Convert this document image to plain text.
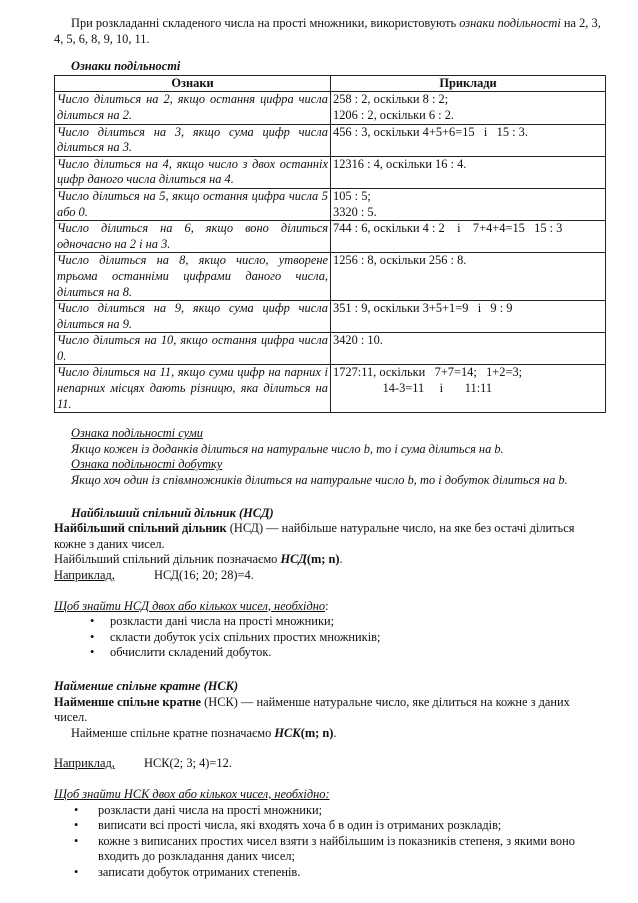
При розкладанні складеного числа на прості множники, використовують ознаки подільності на 2, 3, 4, 5, 6, 8, 9, 10, 11.

Ознаки подільності

Ознаки	Приклади
Число ділиться на 2, якщо остання цифра числа ділиться на 2.	258 : 2, оскільки 8 : 2;
1206 : 2, оскільки 6 : 2.
Число ділиться на 3, якщо сума цифр числа ділиться на 3.	456 : 3, оскільки 4+5+6=15   і   15 : 3.
Число ділиться на 4, якщо число з двох останніх цифр даного числа ділиться на 4.	12316 : 4, оскільки 16 : 4.
Число ділиться на 5, якщо остання цифра числа 5 або 0.	105 : 5;
3320 : 5.
Число ділиться на 6, якщо воно ділиться одночасно на 2 і на 3.	744 : 6, оскільки 4 : 2    і    7+4+4=15   15 : 3
Число ділиться на 8, якщо число, утворене трьома останніми цифрами даного числа, ділиться на 8.	1256 : 8, оскільки 256 : 8.
Число ділиться на 9, якщо сума цифр числа ділиться на 9.	351 : 9, оскільки 3+5+1=9   і   9 : 9
Число ділиться на 10, якщо остання цифра числа 0.	3420 : 10.
Число ділиться на 11, якщо суми цифр на парних і непарних місцях дають різницю, яка ділиться на 11.	1727:11, оскільки   7+7=14;   1+2=3;
14-3=11     і       11:11

Ознака подільності суми

Якщо кожен із доданків ділиться на натуральне число b, то і сума ділиться на b.

Ознака подільності добутку

Якщо хоч один із співмножників ділиться на натуральне число b, то і добуток ділиться на b.

Найбільший спільний дільник (НСД)

Найбільший спільний дільник (НСД) — найбільше натуральне число, на яке без остачі ділиться кожне з даних чисел.

Найбільший спільний дільник позначаємо НСД(m; n).

Наприклад,	НСД(16; 20; 28)=4.

Щоб знайти НСД двох або кількох чисел, необхідно:

• розкласти дані числа на прості множники;
• скласти добуток усіх спільних простих множників;
• обчислити складений добуток.

Найменше спільне кратне (НСК)

Найменше спільне кратне (НСК) — найменше натуральне число, яке ділиться на кожне з даних чисел.

Найменше спільне кратне позначаємо НСК(m; n).

Наприклад, НСК(2; 3; 4)=12.

Щоб знайти НСК двох або кількох чисел, необхідно:

• розкласти дані числа на прості множники;
• виписати всі прості числа, які входять хоча б в один із отриманих розкладів;
• кожне з виписаних простих чисел взяти з найбільшим із показників степеня, з якими воно входить до розкладання даних чисел;
• записати добуток отриманих степенів.
